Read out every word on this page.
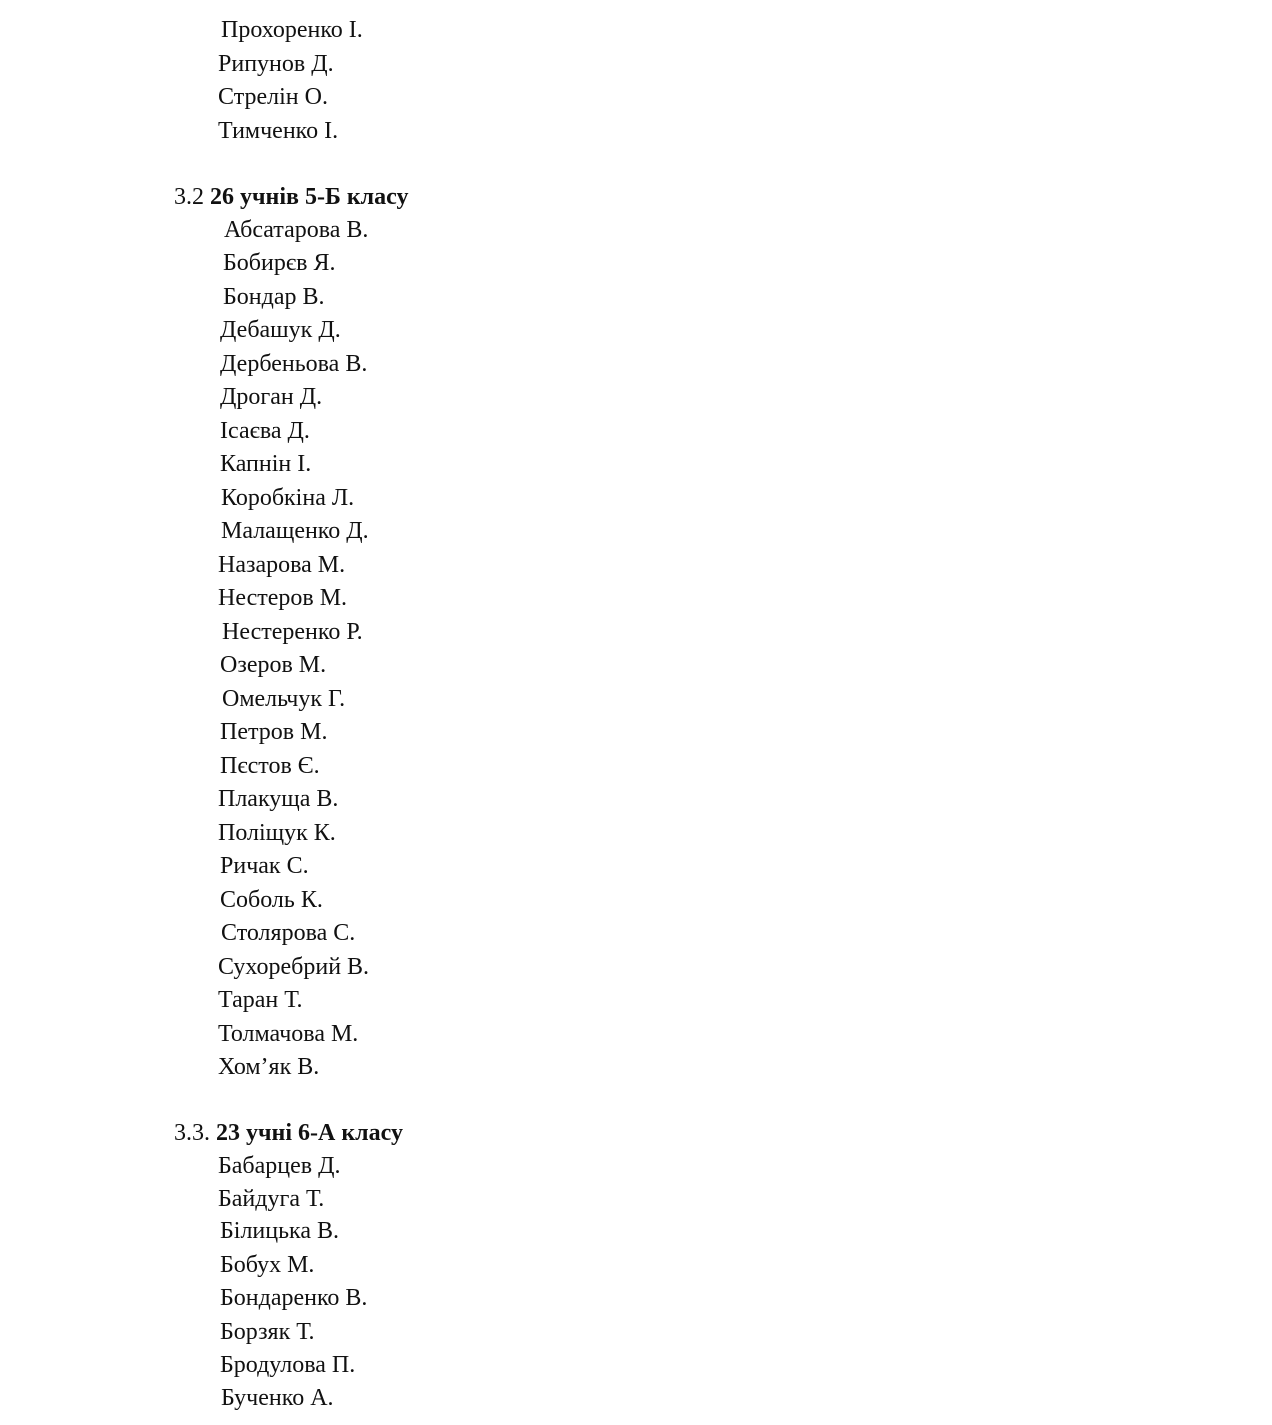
Прохоренко І.
Рипунов Д.
Стрелін О.
Тимченко І.
3.2 26 учнів 5-Б класу
Абсатарова В.
Бобирєв Я.
Бондар В.
Дебашук Д.
Дербеньова В.
Дроган Д.
Ісаєва Д.
Капнін І.
Коробкіна Л.
Малащенко Д.
Назарова М.
Нестеров М.
Нестеренко Р.
Озеров М.
Омельчук Г.
Петров М.
Пєстов Є.
Плакуща В.
Поліщук К.
Ричак С.
Соболь К.
Столярова С.
Сухоребрий В.
Таран Т.
Толмачова М.
Хом’як В.
3.3. 23 учні 6-А класу
Бабарцев Д.
Байдуга Т.
Білицька В.
Бобух М.
Бондаренко В.
Борзяк Т.
Бродулова П.
Бученко А.
